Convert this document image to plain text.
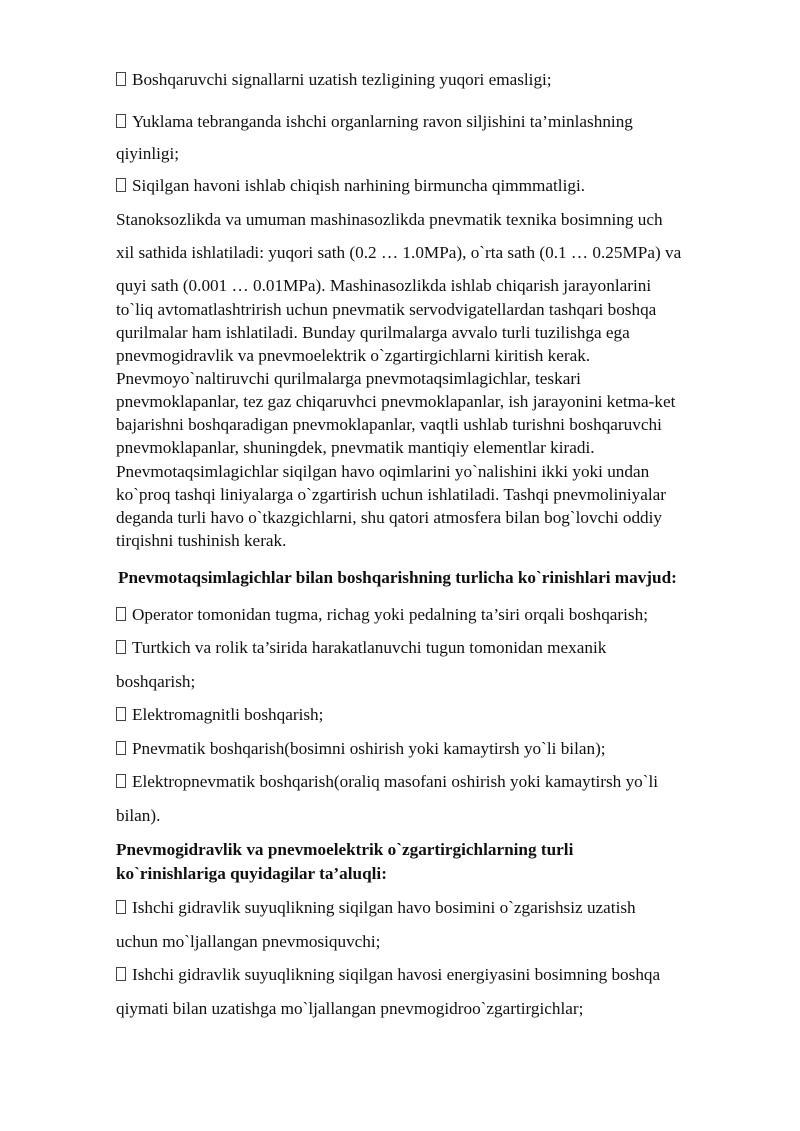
Boshqaruvchi signallarni uzatish tezligining yuqori emasligi;
Yuklama tebranganda ishchi organlarning ravon siljishini ta’minlashning
qiyinligi;
Siqilgan havoni ishlab chiqish narhining birmuncha qimmmatligi.
Stanoksozlikda va umuman mashinasozlikda pnevmatik texnika bosimning uch
xil sathida ishlatiladi: yuqori sath (0.2 … 1.0MPa), o`rta sath (0.1 … 0.25MPa) va
quyi sath (0.001 … 0.01MPa). Mashinasozlikda ishlab chiqarish jarayonlarini
to`liq avtomatlashtrirish uchun pnevmatik servodvigatellardan tashqari boshqa
qurilmalar ham ishlatiladi. Bunday qurilmalarga avvalo turli tuzilishga ega
pnevmogidravlik va pnevmoelektrik o`zgartirgichlarni kiritish kerak.
Pnevmoyo`naltiruvchi qurilmalarga pnevmotaqsimlagichlar, teskari
pnevmoklapanlar, tez gaz chiqaruvhci pnevmoklapanlar, ish jarayonini ketma-ket
bajarishni boshqaradigan pnevmoklapanlar, vaqtli ushlab turishni boshqaruvchi
pnevmoklapanlar, shuningdek, pnevmatik mantiqiy elementlar kiradi.
Pnevmotaqsimlagichlar siqilgan havo oqimlarini yo`nalishini ikki yoki undan
ko`proq tashqi liniyalarga o`zgartirish uchun ishlatiladi. Tashqi pnevmoliniyalar
deganda turli havo o`tkazgichlarni, shu qatori atmosfera bilan bog`lovchi oddiy
tirqishni tushinish kerak.
Pnevmotaqsimlagichlar bilan boshqarishning turlicha ko`rinishlari mavjud:
Operator tomonidan tugma, richag yoki pedalning ta’siri orqali boshqarish;
Turtkich va rolik ta’sirida harakatlanuvchi tugun tomonidan mexanik
boshqarish;
Elektromagnitli boshqarish;
Pnevmatik boshqarish(bosimni oshirish yoki kamaytirsh yo`li bilan);
Elektropnevmatik boshqarish(oraliq masofani oshirish yoki kamaytirsh yo`li
bilan).
Pnevmogidravlik va pnevmoelektrik o`zgartirgichlarning turli
ko`rinishlariga quyidagilar ta’aluqli:
Ishchi gidravlik suyuqlikning siqilgan havo bosimini o`zgarishsiz uzatish
uchun mo`ljallangan pnevmosiquvchi;
Ishchi gidravlik suyuqlikning siqilgan havosi energiyasini bosimning boshqa
qiymati bilan uzatishga mo`ljallangan pnevmogidroo`zgartirgichlar;
